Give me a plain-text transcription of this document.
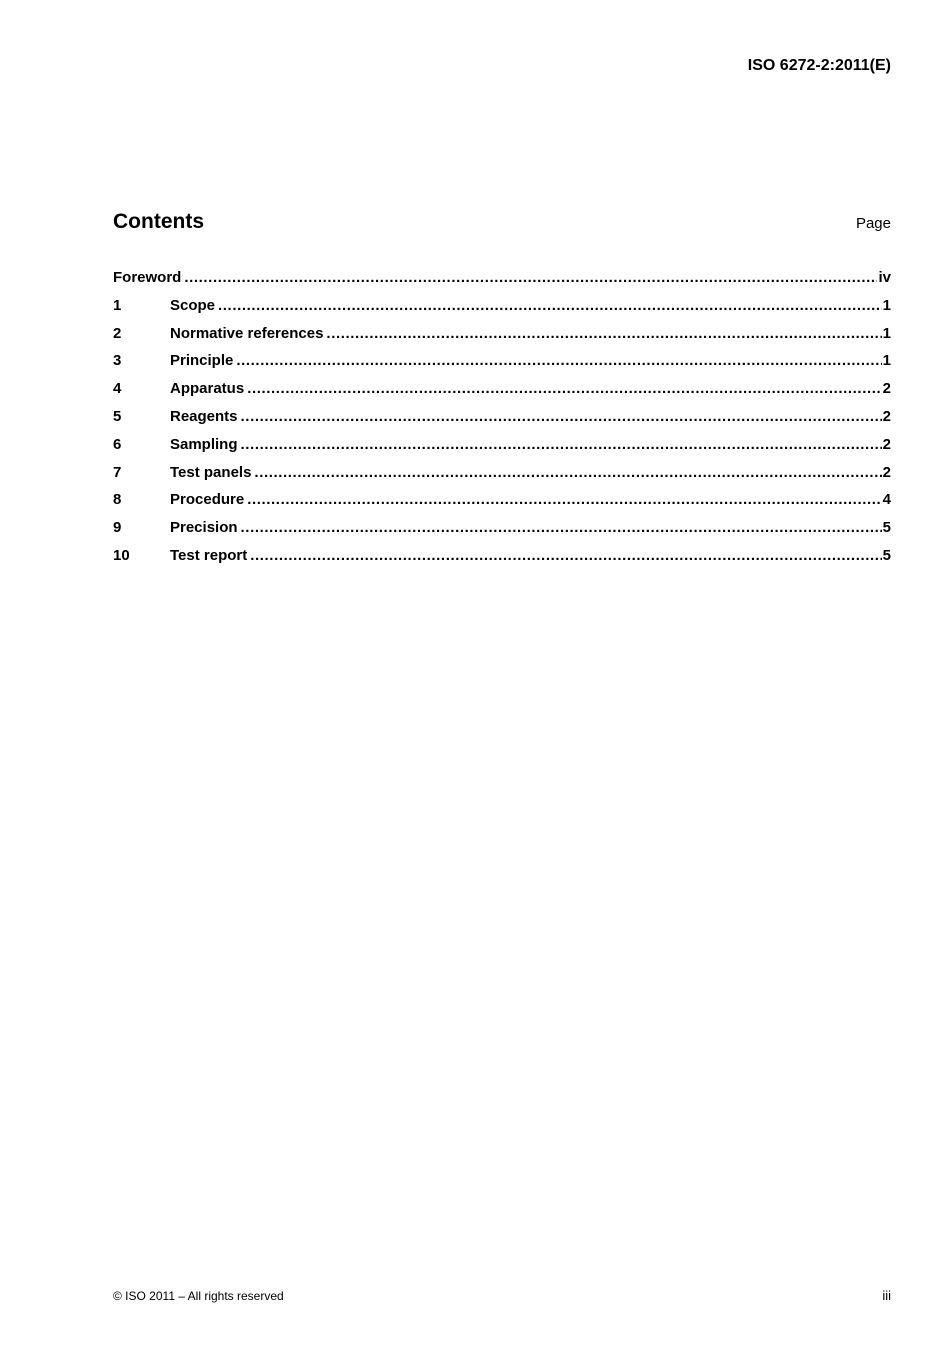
ISO 6272-2:2011(E)
Contents	Page
Foreword .....	iv
1	Scope .....	1
2	Normative references .....	1
3	Principle .....	1
4	Apparatus .....	2
5	Reagents .....	2
6	Sampling .....	2
7	Test panels .....	2
8	Procedure .....	4
9	Precision .....	5
10	Test report .....	5
© ISO 2011 – All rights reserved	iii
